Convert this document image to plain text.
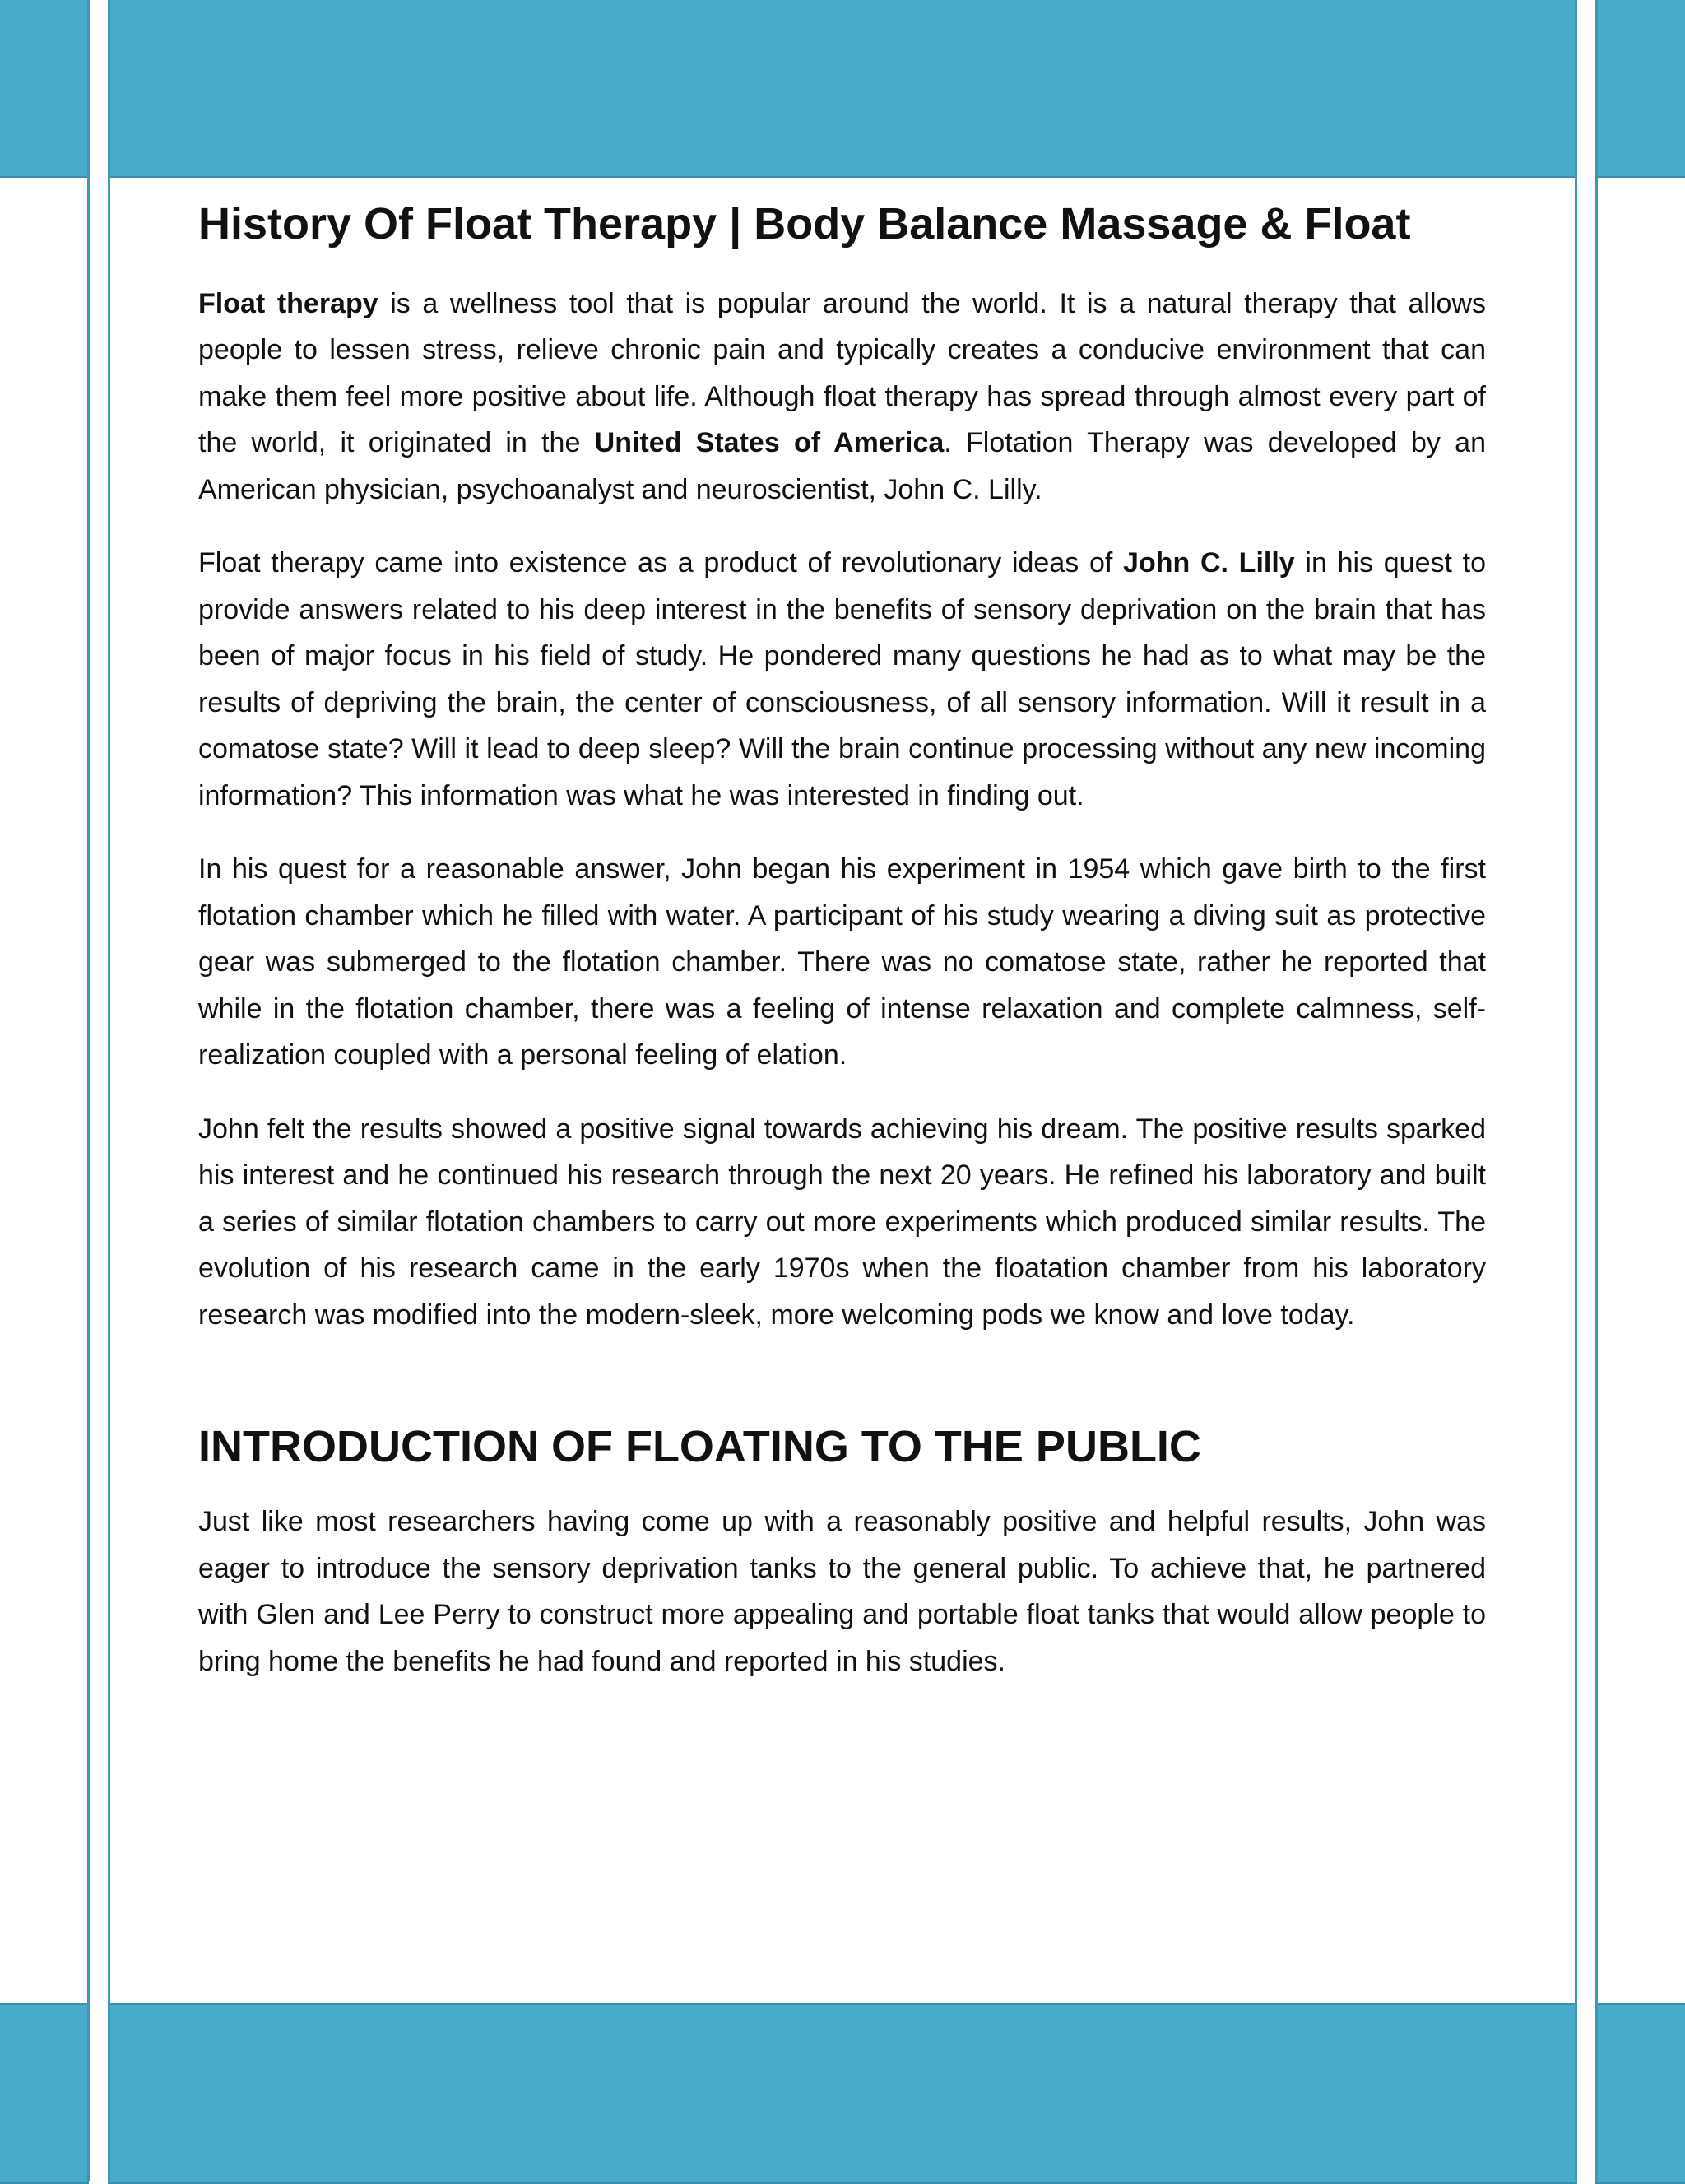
History Of Float Therapy | Body Balance Massage & Float

Float therapy is a wellness tool that is popular around the world. It is a natural therapy that allows people to lessen stress, relieve chronic pain and typically creates a conducive environment that can make them feel more positive about life. Although float therapy has spread through almost every part of the world, it originated in the United States of America. Flotation Therapy was developed by an American physician, psychoanalyst and neuroscientist, John C. Lilly.

Float therapy came into existence as a product of revolutionary ideas of John C. Lilly in his quest to provide answers related to his deep interest in the benefits of sensory deprivation on the brain that has been of major focus in his field of study. He pondered many questions he had as to what may be the results of depriving the brain, the center of consciousness, of all sensory information. Will it result in a comatose state? Will it lead to deep sleep? Will the brain continue processing without any new incoming information? This information was what he was interested in finding out.

In his quest for a reasonable answer, John began his experiment in 1954 which gave birth to the first flotation chamber which he filled with water. A participant of his study wearing a diving suit as protective gear was submerged to the flotation chamber. There was no comatose state, rather he reported that while in the flotation chamber, there was a feeling of intense relaxation and complete calmness, self-realization coupled with a personal feeling of elation.

John felt the results showed a positive signal towards achieving his dream. The positive results sparked his interest and he continued his research through the next 20 years. He refined his laboratory and built a series of similar flotation chambers to carry out more experiments which produced similar results. The evolution of his research came in the early 1970s when the floatation chamber from his laboratory research was modified into the modern-sleek, more welcoming pods we know and love today.

INTRODUCTION OF FLOATING TO THE PUBLIC

Just like most researchers having come up with a reasonably positive and helpful results, John was eager to introduce the sensory deprivation tanks to the general public. To achieve that, he partnered with Glen and Lee Perry to construct more appealing and portable float tanks that would allow people to bring home the benefits he had found and reported in his studies.
